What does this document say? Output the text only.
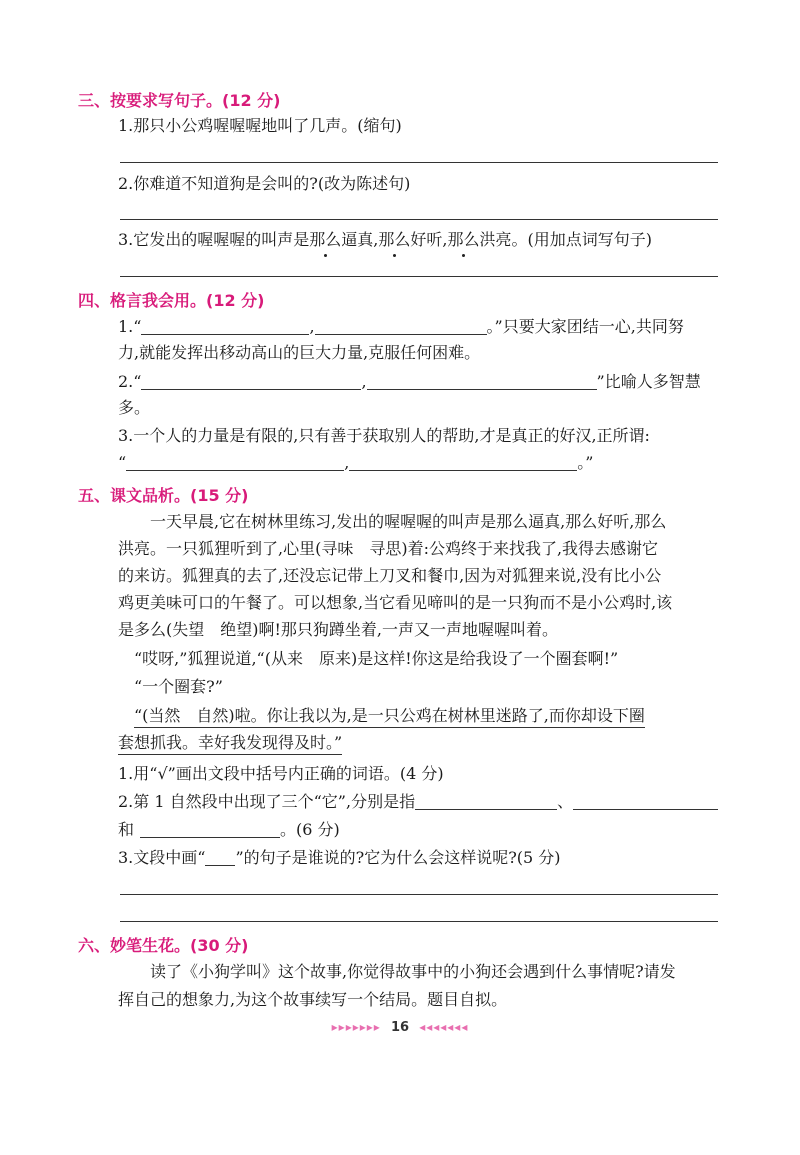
三、按要求写句子。(12 分)
1.那只小公鸡喔喔喔地叫了几声。(缩句)
2.你难道不知道狗是会叫的?(改为陈述句)
3.它发出的喔喔喔的叫声是那么逼真,那么好听,那么洪亮。(用加点词写句子)
四、格言我会用。(12 分)
1.“	,	。”只要大家团结一心,共同努
力,就能发挥出移动高山的巨大力量,克服任何困难。
2.“	,	”比喻人多智慧
多。
3.一个人的力量是有限的,只有善于获取别人的帮助,才是真正的好汉,正所谓:
“	,	。”
五、课文品析。(15 分)
一天早晨,它在树林里练习,发出的喔喔喔的叫声是那么逼真,那么好听,那么
洪亮。一只狐狸听到了,心里(寻味　寻思)着:公鸡终于来找我了,我得去感谢它
的来访。狐狸真的去了,还没忘记带上刀叉和餐巾,因为对狐狸来说,没有比小公
鸡更美味可口的午餐了。可以想象,当它看见啼叫的是一只狗而不是小公鸡时,该
是多么(失望　绝望)啊!那只狗蹲坐着,一声又一声地喔喔叫着。
“哎呀,”狐狸说道,“(从来　原来)是这样!你这是给我设了一个圈套啊!”
“一个圈套?”
“(当然　自然)啦。你让我以为,是一只公鸡在树林里迷路了,而你却设下圈
套想抓我。幸好我发现得及时。”
1.用“√”画出文段中括号内正确的词语。(4 分)
2.第 1 自然段中出现了三个“它”,分别是指	、
和	。(6 分)
3.文段中画“ ”的句子是谁说的?它为什么会这样说呢?(5 分)
六、妙笔生花。(30 分)
读了《小狗学叫》这个故事,你觉得故事中的小狗还会遇到什么事情呢?请发
挥自己的想象力,为这个故事续写一个结局。题目自拟。
▸▸▸▸▸▸▸ 16 ◂◂◂◂◂◂◂
